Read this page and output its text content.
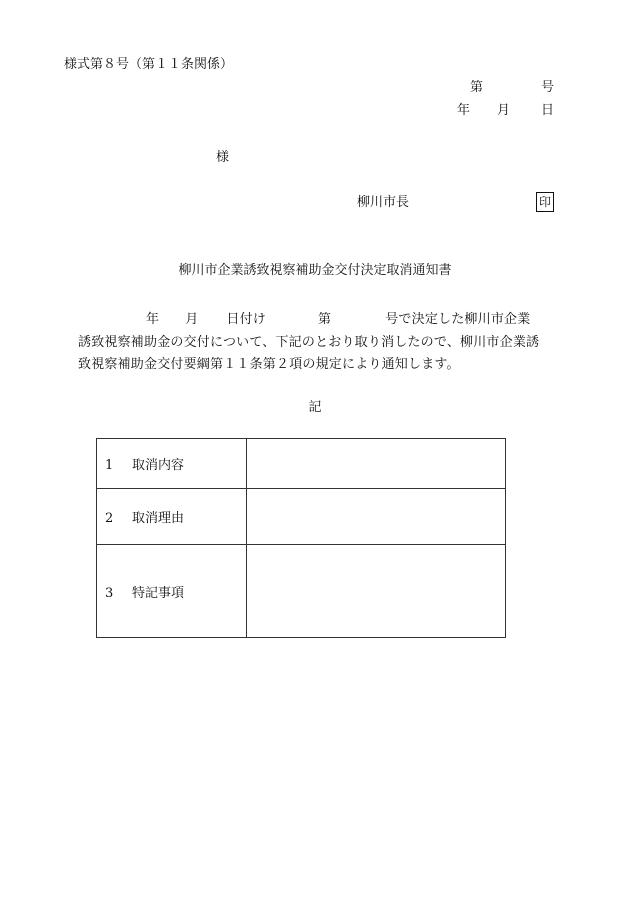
様式第８号（第１１条関係）
第	号
年 月 日
様
柳川市長	印
柳川市企業誘致視察補助金交付決定取消通知書
年 月 日付け	第	号で決定した柳川市企業
誘致視察補助金の交付について、下記のとおり取り消したので、柳川市企業誘
致視察補助金交付要綱第１１条第２項の規定により通知します。
記
1 取消内容	
2 取消理由	
3 特記事項	
